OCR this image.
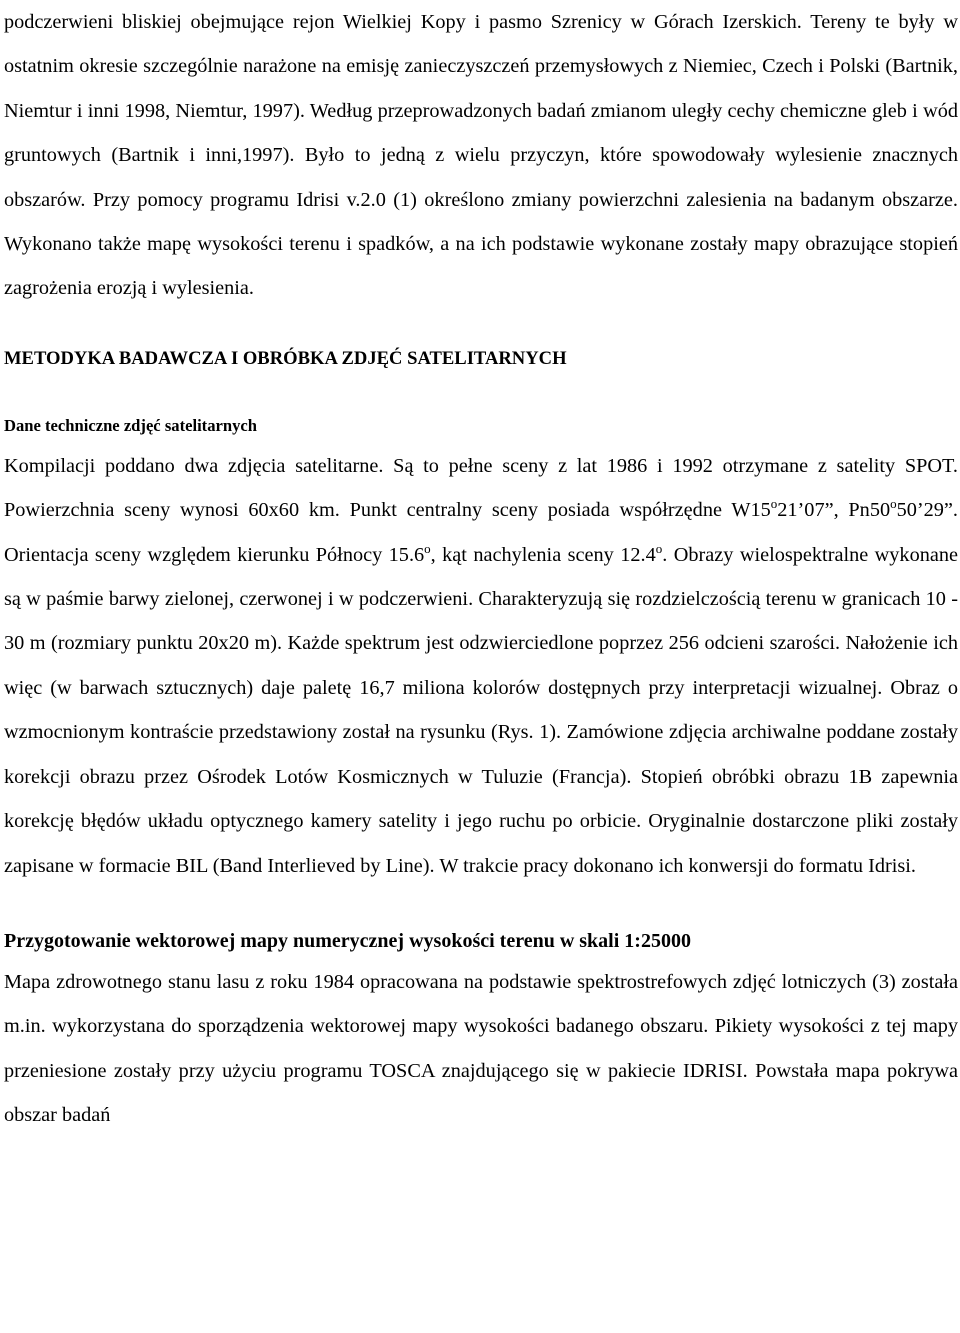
podczerwieni bliskiej obejmujące rejon Wielkiej Kopy i pasmo Szrenicy w Górach Izerskich. Tereny te były w ostatnim okresie szczególnie narażone na emisję zanieczyszczeń przemysłowych z Niemiec, Czech i Polski (Bartnik, Niemtur i inni 1998, Niemtur, 1997). Według przeprowadzonych badań zmianom uległy cechy chemiczne gleb i wód gruntowych (Bartnik i inni,1997). Było to jedną z wielu przyczyn, które spowodowały wylesienie znacznych obszarów. Przy pomocy programu Idrisi v.2.0 (1) określono zmiany powierzchni zalesienia na badanym obszarze. Wykonano także mapę wysokości terenu i spadków, a na ich podstawie wykonane zostały mapy obrazujące stopień zagrożenia erozją i wylesienia.

METODYKA BADAWCZA I OBRÓBKA ZDJĘĆ SATELITARNYCH
Dane techniczne zdjęć satelitarnych

Kompilacji poddano dwa zdjęcia satelitarne. Są to pełne sceny z lat 1986 i 1992 otrzymane z satelity SPOT. Powierzchnia sceny wynosi 60x60 km. Punkt centralny sceny posiada współrzędne W15$^o$21’07”, Pn50$^o$50’29”. Orientacja sceny względem kierunku Północy 15.6$^o$, kąt nachylenia sceny 12.4$^o$. Obrazy wielospektralne wykonane są w paśmie barwy zielonej, czerwonej i w podczerwieni. Charakteryzują się rozdzielczością terenu w granicach 10 - 30 m (rozmiary punktu 20x20 m). Każde spektrum jest odzwierciedlone poprzez 256 odcieni szarości. Nałożenie ich więc (w barwach sztucznych) daje paletę 16,7 miliona kolorów dostępnych przy interpretacji wizualnej. Obraz o wzmocnionym kontraście przedstawiony został na rysunku (Rys. 1). Zamówione zdjęcia archiwalne poddane zostały korekcji obrazu przez Ośrodek Lotów Kosmicznych w Tuluzie (Francja). Stopień obróbki obrazu 1B zapewnia korekcję błędów układu optycznego kamery satelity i jego ruchu po orbicie. Oryginalnie dostarczone pliki zostały zapisane w formacie BIL (Band Interlieved by Line). W trakcie pracy dokonano ich konwersji do formatu Idrisi.

Przygotowanie wektorowej mapy numerycznej wysokości terenu w skali 1:25000

Mapa zdrowotnego stanu lasu z roku 1984 opracowana na podstawie spektrostrefowych zdjęć lotniczych (3) została m.in. wykorzystana do sporządzenia wektorowej mapy wysokości badanego obszaru. Pikiety wysokości z tej mapy przeniesione zostały przy użyciu programu TOSCA znajdującego się w pakiecie IDRISI. Powstała mapa pokrywa obszar badań
